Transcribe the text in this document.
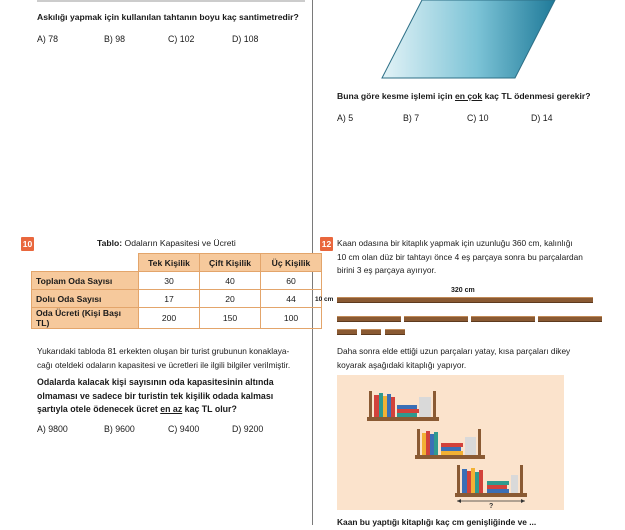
Askılığı yapmak için kullanılan tahtanın boyu kaç santimetredir?
A) 78	B) 98	C) 102	D) 108
Buna göre kesme işlemi için en çok kaç TL ödenmesi gerekir?
A) 5	B) 7	C) 10	D) 14
10	Tablo: Odaların Kapasitesi ve Ücreti
	Tek Kişilik	Çift Kişilik	Üç Kişilik
Toplam Oda Sayısı	30	40	60
Dolu Oda Sayısı	17	20	44
Oda Ücreti (Kişi Başı TL)	200	150	100
Yukarıdaki tabloda 81 erkekten oluşan bir turist grubunun konaklaya-
cağı oteldeki odaların kapasitesi ve ücretleri ile ilgili bilgiler verilmiştir.
Odalarda kalacak kişi sayısının oda kapasitesinin altında
olmaması ve sadece bir turistin tek kişilik odada kalması
şartıyla otele ödenecek ücret en az kaç TL olur?
A) 9800	B) 9600	C) 9400	D) 9200
12 Kaan odasına bir kitaplık yapmak için uzunluğu 360 cm, kalınlığı
10 cm olan düz bir tahtayı önce 4 eş parçaya sonra bu parçalardan
birini 3 eş parçaya ayırıyor.
320 cm
10 cm
Daha sonra elde ettiği uzun parçaları yatay, kısa parçaları dikey
koyarak aşağıdaki kitaplığı yapıyor.
?
Kaan bu yaptığı kitaplığı kaç cm genişliğinde ve ...
